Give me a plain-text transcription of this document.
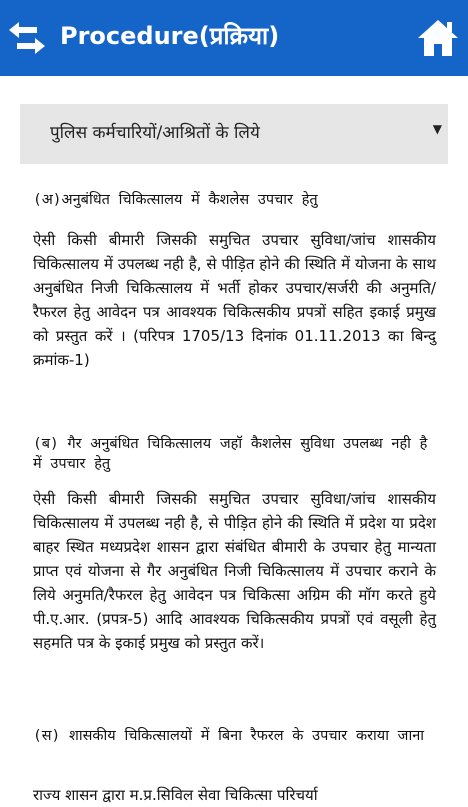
Procedure(प्रक्रिया)
पुलिस कर्मचारियों/आश्रितों के लिये	▼

(अ)अनुबंधित चिकित्सालय में कैशलेस उपचार हेतु

ऐसी किसी बीमारी जिसकी समुचित उपचार सुविधा/जांच शासकीय चिकित्सालय में उपलब्ध नही है, से पीड़ित होने की स्थिति में योजना के साथ अनुबंधित निजी चिकित्सालय में भर्ती होकर उपचार/सर्जरी की अनुमति/रैफरल हेतु आवेदन पत्र आवश्यक चिकित्सकीय प्रपत्रों सहित इकाई प्रमुख को प्रस्तुत करें । (परिपत्र 1705/13 दिनांक 01.11.2013 का बिन्दु क्रमांक-1)

(ब) गैर अनुबंधित चिकित्सालय जहॉ कैशलेस सुविधा उपलब्ध नही है में उपचार हेतु

ऐसी किसी बीमारी जिसकी समुचित उपचार सुविधा/जांच शासकीय चिकित्सालय में उपलब्ध नही है, से पीड़ित होने की स्थिति में प्रदेश या प्रदेश बाहर स्थित मध्यप्रदेश शासन द्वारा संबंधित बीमारी के उपचार हेतु मान्यता प्राप्त एवं योजना से गैर अनुबंधित निजी चिकित्सालय में उपचार कराने के लिये अनुमति/रैफरल हेतु आवेदन पत्र चिकित्सा अग्रिम की मॉग करते हुये पी.ए.आर. (प्रपत्र-5) आदि आवश्यक चिकित्सकीय प्रपत्रों एवं वसूली हेतु सहमति पत्र के इकाई प्रमुख को प्रस्तुत करें।

(स) शासकीय चिकित्सालयों में बिना रैफरल के उपचार कराया जाना

राज्य शासन द्वारा म.प्र.सिविल सेवा चिकित्सा परिचर्या
